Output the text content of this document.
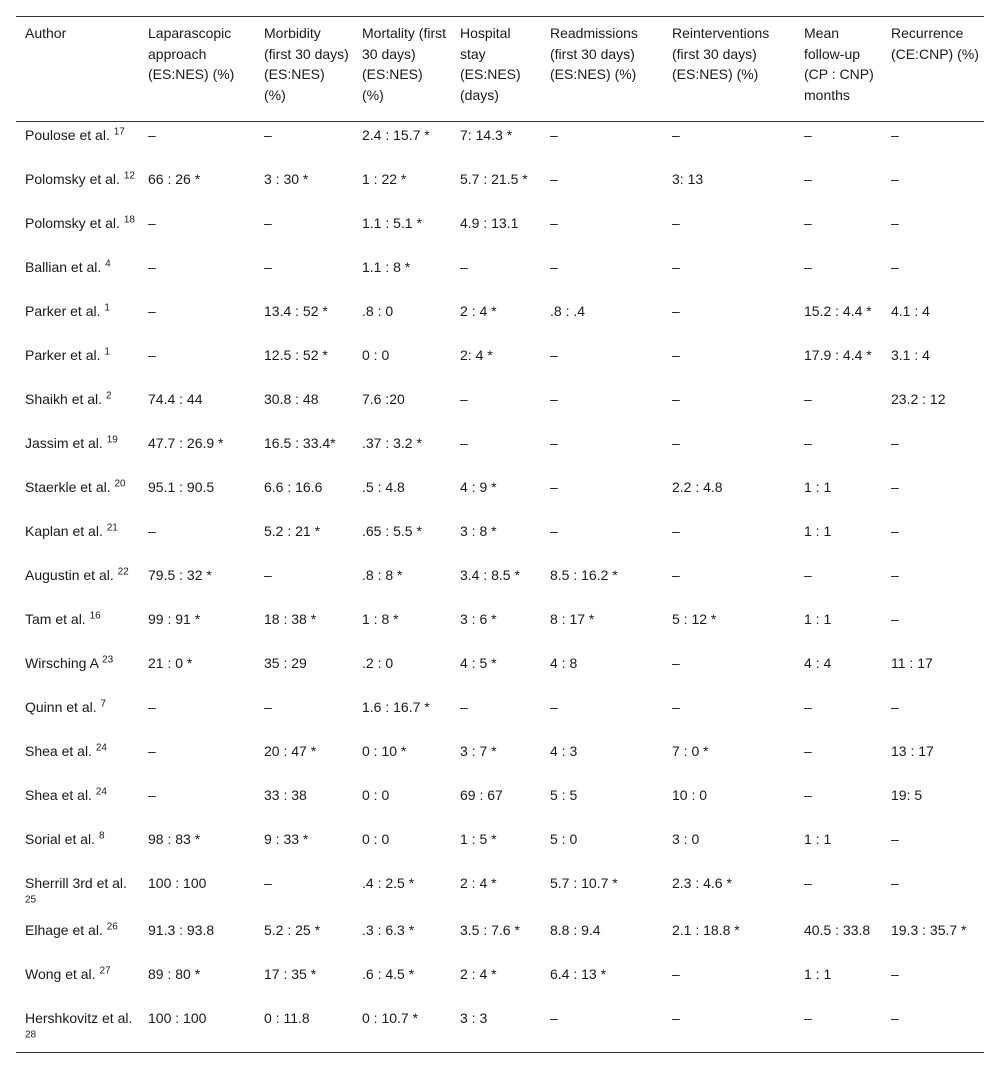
Author	Laparascopic approach (ES:NES) (%)	Morbidity (first 30 days) (ES:NES) (%)	Mortality (first 30 days) (ES:NES) (%)	Hospital stay (ES:NES) (days)	Readmissions (first 30 days) (ES:NES) (%)	Reinterventions (first 30 days) (ES:NES) (%)	Mean follow-up (CP : CNP) months	Recurrence (CE:CNP) (%)
Poulose et al. $^{17}$	–	–	2.4 : 15.7 *	7: 14.3 *	–	–	–	–
Polomsky et al. $^{12}$	66 : 26 *	3 : 30 *	1 : 22 *	5.7 : 21.5 *	–	3: 13	–	–
Polomsky et al. $^{18}$	–	–	1.1 : 5.1 *	4.9 : 13.1	–	–	–	–
Ballian et al. $^4$	–	–	1.1 : 8 *	–	–	–	–	–
Parker et al. $^1$	–	13.4 : 52 *	.8 : 0	2 : 4 *	.8 : .4	–	15.2 : 4.4 *	4.1 : 4
Parker et al. $^1$	–	12.5 : 52 *	0 : 0	2: 4 *	–	–	17.9 : 4.4 *	3.1 : 4
Shaikh et al. $^2$	74.4 : 44	30.8 : 48	7.6 :20	–	–	–	–	23.2 : 12
Jassim et al. $^{19}$	47.7 : 26.9 *	16.5 : 33.4*	.37 : 3.2 *	–	–	–	–	–
Staerkle et al. $^{20}$	95.1 : 90.5	6.6 : 16.6	.5 : 4.8	4 : 9 *	–	2.2 : 4.8	1 : 1	–
Kaplan et al. $^{21}$	–	5.2 : 21 *	.65 : 5.5 *	3 : 8 *	–	–	1 : 1	–
Augustin et al. $^{22}$	79.5 : 32 *	–	.8 : 8 *	3.4 : 8.5 *	8.5 : 16.2 *	–	–	–
Tam et al. $^{16}$	99 : 91 *	18 : 38 *	1 : 8 *	3 : 6 *	8 : 17 *	5 : 12 *	1 : 1	–
Wirsching A $^{23}$	21 : 0 *	35 : 29	.2 : 0	4 : 5 *	4 : 8	–	4 : 4	11 : 17
Quinn et al. $^7$	–	–	1.6 : 16.7 *	–	–	–	–	–
Shea et al. $^{24}$	–	20 : 47 *	0 : 10 *	3 : 7 *	4 : 3	7 : 0 *	–	13 : 17
Shea et al. $^{24}$	–	33 : 38	0 : 0	69 : 67	5 : 5	10 : 0	–	19: 5
Sorial et al. $^8$	98 : 83 *	9 : 33 *	0 : 0	1 : 5 *	5 : 0	3 : 0	1 : 1	–
Sherrill 3rd et al. $^{25}$	100 : 100	–	.4 : 2.5 *	2 : 4 *	5.7 : 10.7 *	2.3 : 4.6 *	–	–
Elhage et al. $^{26}$	91.3 : 93.8	5.2 : 25 *	.3 : 6.3 *	3.5 : 7.6 *	8.8 : 9.4	2.1 : 18.8 *	40.5 : 33.8	19.3 : 35.7 *
Wong et al. $^{27}$	89 : 80 *	17 : 35 *	.6 : 4.5 *	2 : 4 *	6.4 : 13 *	–	1 : 1	–
Hershkovitz et al. $^{28}$	100 : 100	0 : 11.8	0 : 10.7 *	3 : 3	–	–	–	–
